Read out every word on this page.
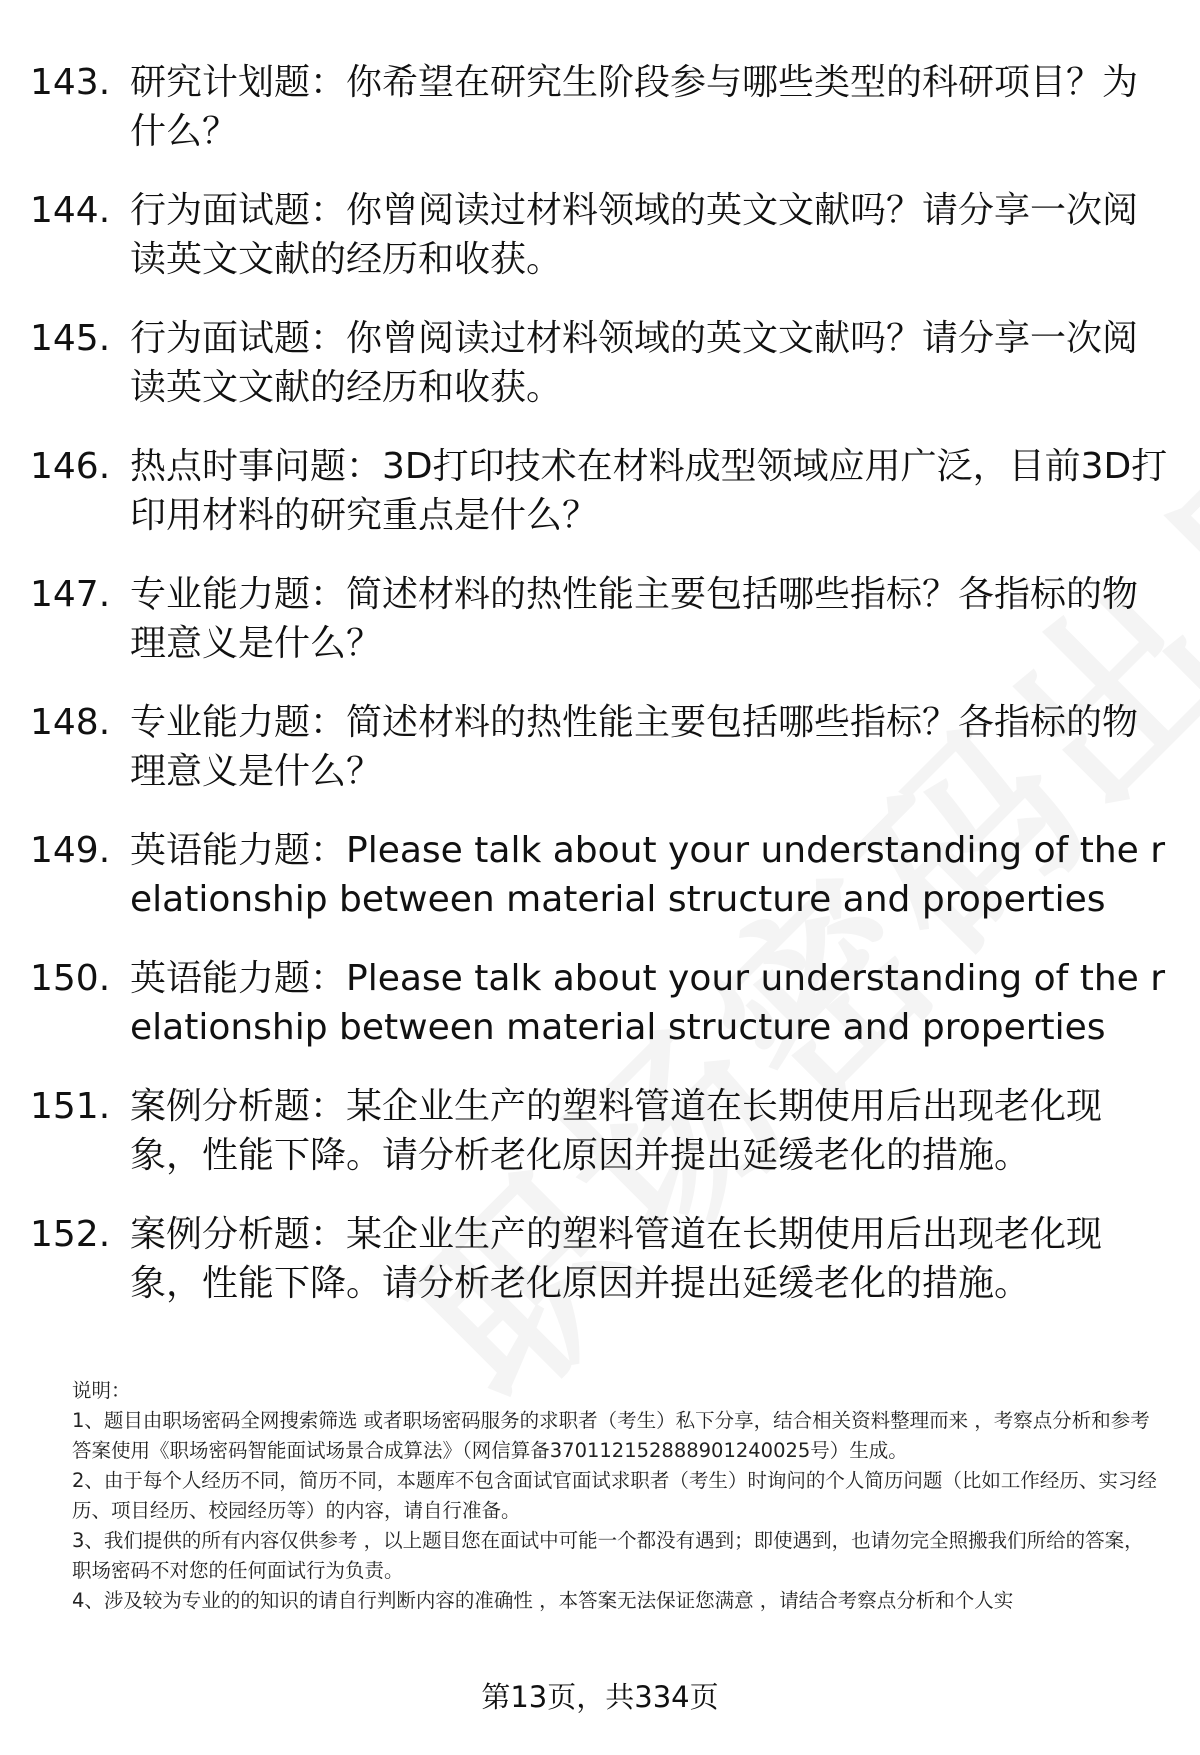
143. 研究计划题：你希望在研究生阶段参与哪些类型的科研项目？为什么？
144. 行为面试题：你曾阅读过材料领域的英文文献吗？请分享一次阅读英文文献的经历和收获。
145. 行为面试题：你曾阅读过材料领域的英文文献吗？请分享一次阅读英文文献的经历和收获。
146. 热点时事问题：3D打印技术在材料成型领域应用广泛，目前3D打印用材料的研究重点是什么？
147. 专业能力题：简述材料的热性能主要包括哪些指标？各指标的物理意义是什么？
148. 专业能力题：简述材料的热性能主要包括哪些指标？各指标的物理意义是什么？
149. 英语能力题：Please talk about your understanding of the relationship between material structure and properties
150. 英语能力题：Please talk about your understanding of the relationship between material structure and properties
151. 案例分析题：某企业生产的塑料管道在长期使用后出现老化现象，性能下降。请分析老化原因并提出延缓老化的措施。
152. 案例分析题：某企业生产的塑料管道在长期使用后出现老化现象，性能下降。请分析老化原因并提出延缓老化的措施。

说明：

1、题目由职场密码全网搜索筛选 或者职场密码服务的求职者（考生）私下分享，结合相关资料整理而来 ，考察点分析和参考答案使用《职场密码智能面试场景合成算法》（网信算备370112152888901240025号）生成。

2、由于每个人经历不同，简历不同，本题库不包含面试官面试求职者（考生）时询问的个人简历问题（比如工作经历、实习经历、项目经历、校园经历等）的内容，请自行准备。

3、我们提供的所有内容仅供参考 ，以上题目您在面试中可能一个都没有遇到；即使遇到，也请勿完全照搬我们所给的答案，职场密码不对您的任何面试行为负责。

4、涉及较为专业的的知识的请自行判断内容的准确性 ，本答案无法保证您满意 ，请结合考察点分析和个人实

第13页，共334页
